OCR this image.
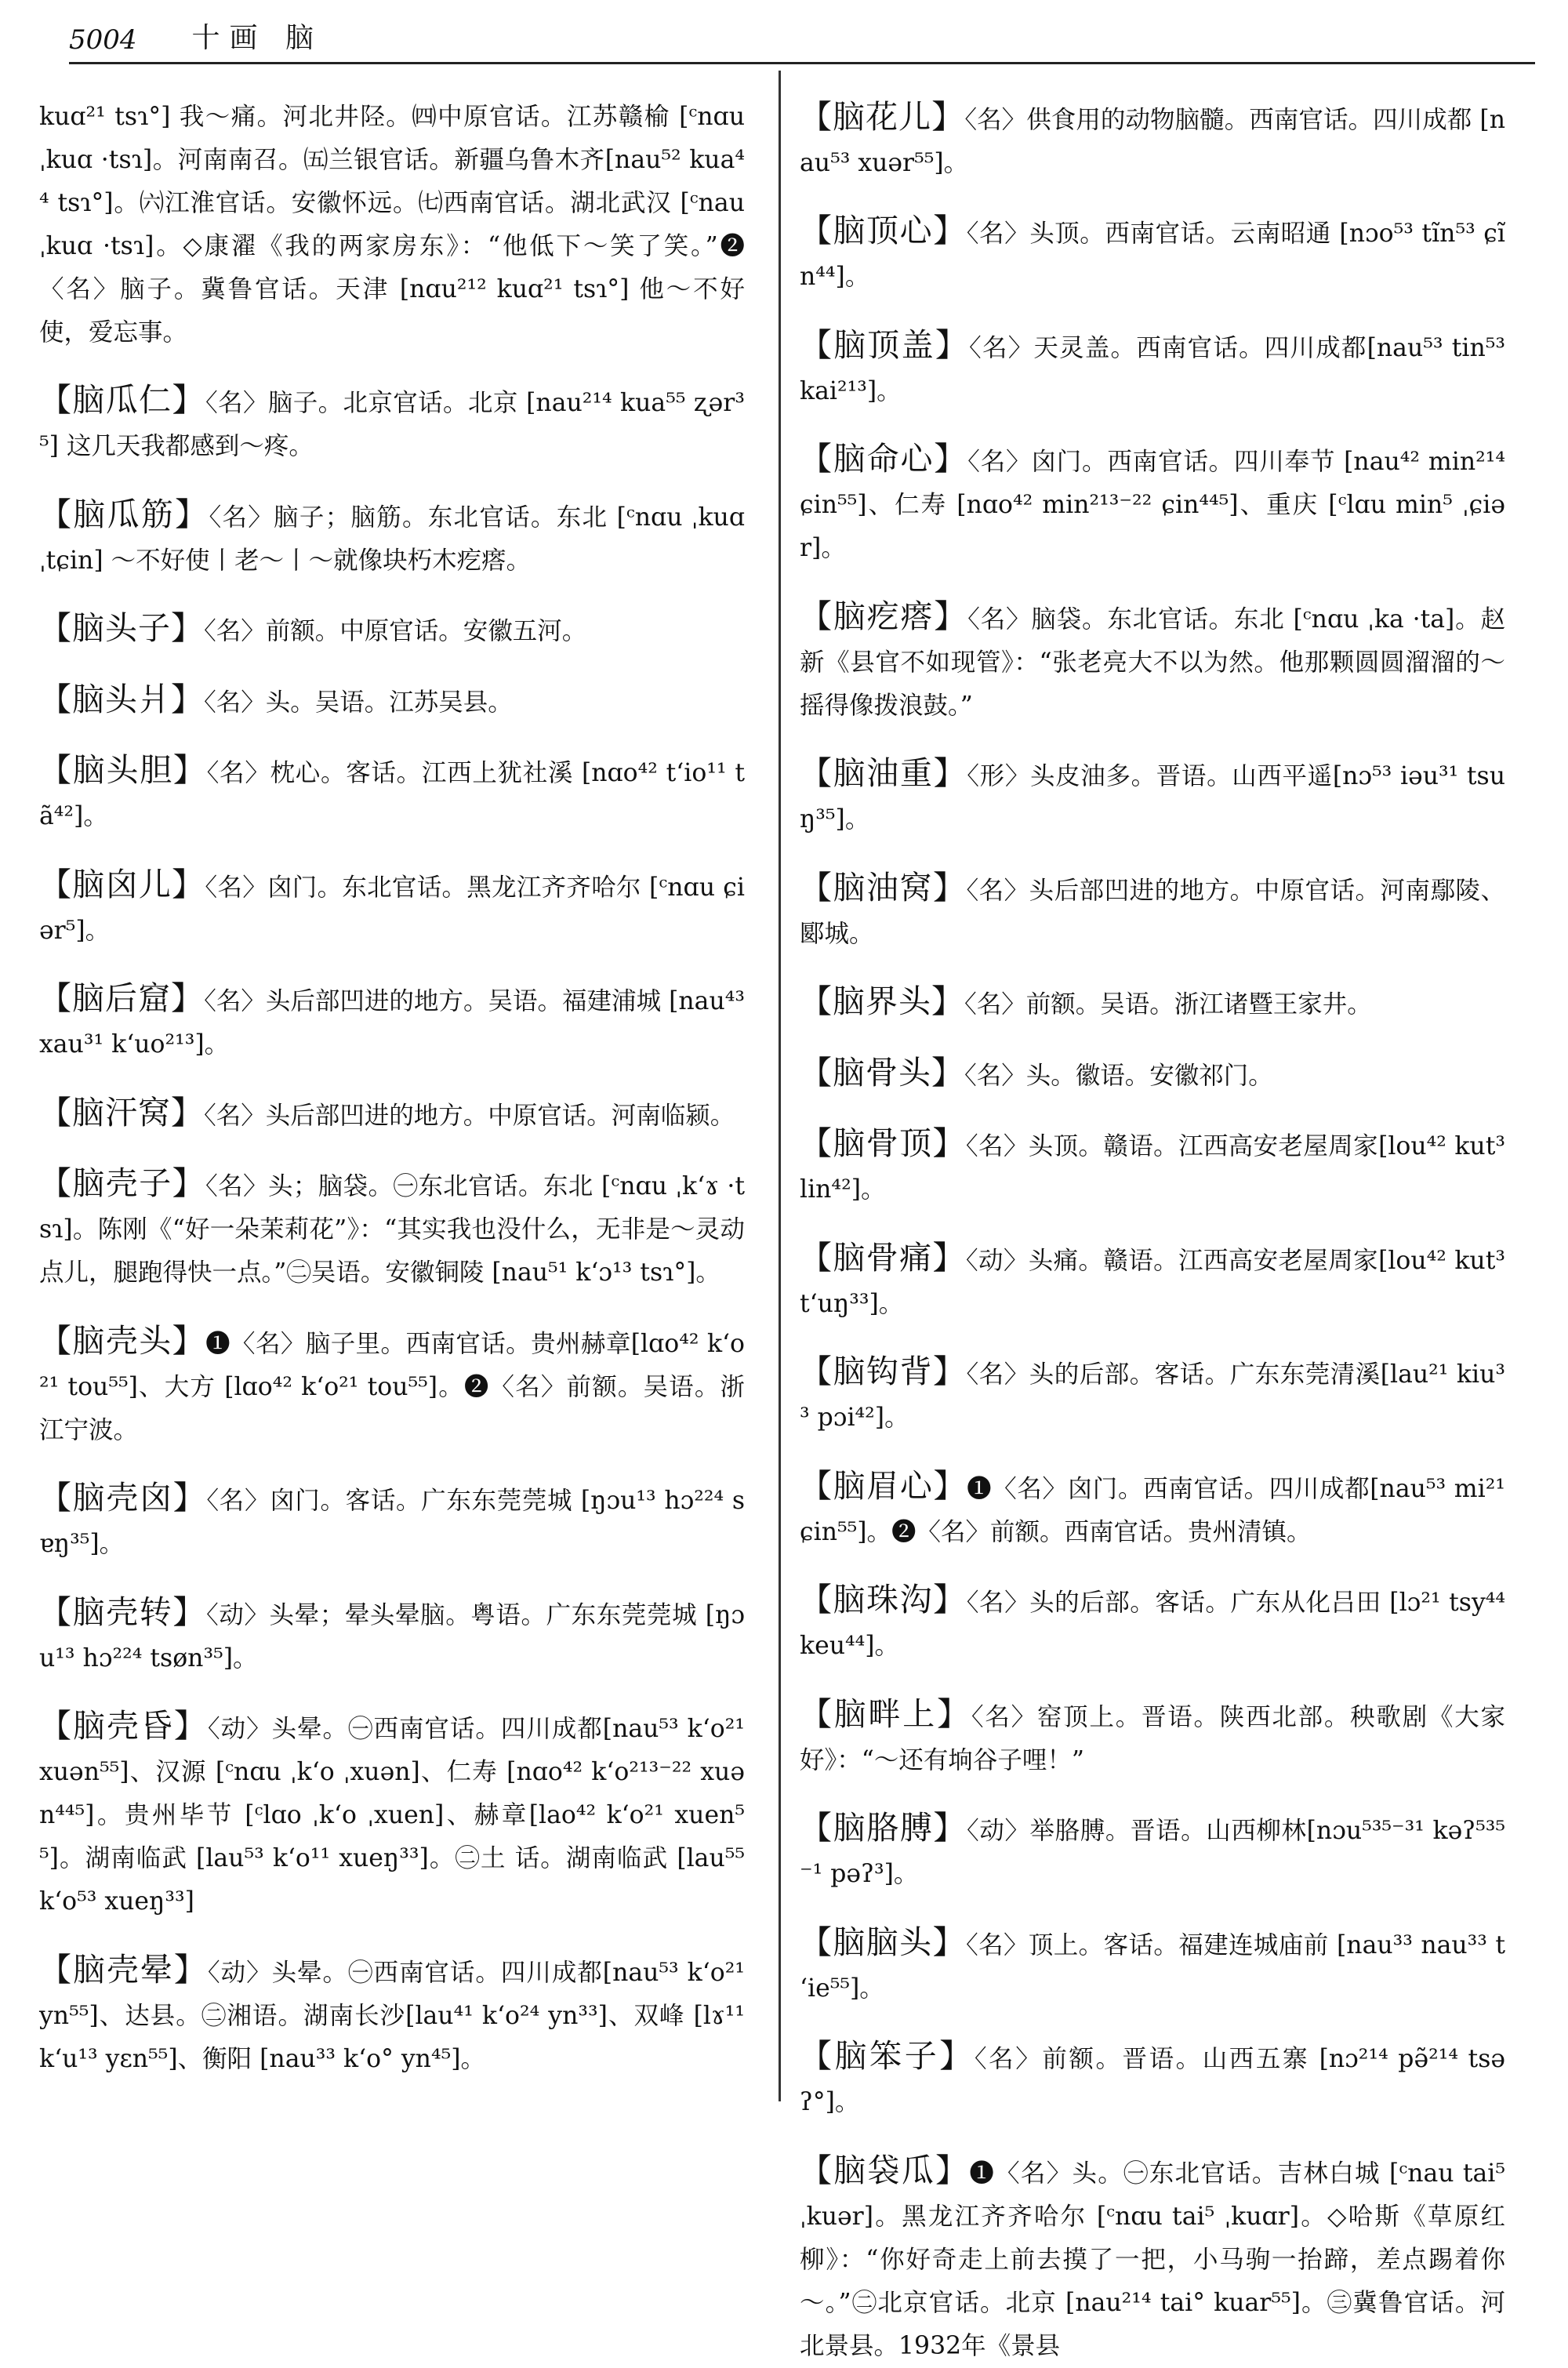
5004 十画 脑

kuɑ²¹ tsɿ°] 我～痛。河北井陉。㈣中原官话。江苏赣榆 [ᶜnɑu ˌkuɑ ·tsɿ]。河南南召。㈤兰银官话。新疆乌鲁木齐[nau⁵² kua⁴⁴ tsɿ°]。㈥江淮官话。安徽怀远。㈦西南官话。湖北武汉 [ᶜnau ˌkuɑ ·tsɿ]。◇康濯《我的两家房东》：“他低下～笑了笑。”❷〈名〉脑子。冀鲁官话。天津 [nɑu²¹² kuɑ²¹ tsɿ°] 他～不好使，爱忘事。

【脑瓜仁】〈名〉脑子。北京官话。北京 [nau²¹⁴ kua⁵⁵ ʐər³⁵] 这几天我都感到～疼。

【脑瓜筋】〈名〉脑子；脑筋。东北官话。东北 [ᶜnɑu ˌkuɑ ˌtɕin] ～不好使丨老～丨～就像块朽木疙瘩。

【脑头子】〈名〉前额。中原官话。安徽五河。

【脑头爿】〈名〉头。吴语。江苏吴县。

【脑头胆】〈名〉枕心。客话。江西上犹社溪 [nɑo⁴² tʻio¹¹ tã⁴²]。

【脑囟儿】〈名〉囟门。东北官话。黑龙江齐齐哈尔 [ᶜnɑu ɕiər⁵]。

【脑后窟】〈名〉头后部凹进的地方。吴语。福建浦城 [nau⁴³ xau³¹ kʻuo²¹³]。

【脑汗窝】〈名〉头后部凹进的地方。中原官话。河南临颍。

【脑壳子】〈名〉头；脑袋。㊀东北官话。东北 [ᶜnɑu ˌkʻɤ ·tsɿ]。陈刚《“好一朵茉莉花”》：“其实我也没什么，无非是～灵动点儿，腿跑得快一点。”㊁吴语。安徽铜陵 [nau⁵¹ kʻɔ¹³ tsɿ°]。

【脑壳头】❶〈名〉脑子里。西南官话。贵州赫章[lɑo⁴² kʻo²¹ tou⁵⁵]、大方 [lɑo⁴² kʻo²¹ tou⁵⁵]。❷〈名〉前额。吴语。浙江宁波。

【脑壳囟】〈名〉囟门。客话。广东东莞莞城 [ŋɔu¹³ hɔ²²⁴ sɐŋ³⁵]。

【脑壳转】〈动〉头晕；晕头晕脑。粤语。广东东莞莞城 [ŋɔu¹³ hɔ²²⁴ tsøn³⁵]。

【脑壳昏】〈动〉头晕。㊀西南官话。四川成都[nau⁵³ kʻo²¹ xuən⁵⁵]、汉源 [ᶜnɑu ˌkʻo ˌxuən]、仁寿 [nɑo⁴² kʻo²¹³⁻²² xuən⁴⁴⁵]。贵州毕节 [ᶜlɑo ˌkʻo ˌxuen]、赫章[lao⁴² kʻo²¹ xuen⁵⁵]。湖南临武 [lau⁵³ kʻo¹¹ xueŋ³³]。㊁土 话。湖南临武 [lau⁵⁵ kʻo⁵³ xueŋ³³]

【脑壳晕】〈动〉头晕。㊀西南官话。四川成都[nau⁵³ kʻo²¹ yn⁵⁵]、达县。㊁湘语。湖南长沙[lau⁴¹ kʻo²⁴ yn³³]、双峰 [lɤ¹¹ kʻu¹³ yɛn⁵⁵]、衡阳 [nau³³ kʻo° yn⁴⁵]。

【脑花儿】〈名〉供食用的动物脑髓。西南官话。四川成都 [nau⁵³ xuər⁵⁵]。

【脑顶心】〈名〉头顶。西南官话。云南昭通 [nɔo⁵³ tĩn⁵³ ɕĩn⁴⁴]。

【脑顶盖】〈名〉天灵盖。西南官话。四川成都[nau⁵³ tin⁵³ kai²¹³]。

【脑命心】〈名〉囟门。西南官话。四川奉节 [nau⁴² min²¹⁴ ɕin⁵⁵]、仁寿 [nɑo⁴² min²¹³⁻²² ɕin⁴⁴⁵]、重庆 [ᶜlɑu min⁵ ˌɕiər]。

【脑疙瘩】〈名〉脑袋。东北官话。东北 [ᶜnɑu ˌka ·ta]。赵新《县官不如现管》：“张老亮大不以为然。他那颗圆圆溜溜的～摇得像拨浪鼓。”

【脑油重】〈形〉头皮油多。晋语。山西平遥[nɔ⁵³ iəu³¹ tsuŋ³⁵]。

【脑油窝】〈名〉头后部凹进的地方。中原官话。河南鄢陵、郾城。

【脑界头】〈名〉前额。吴语。浙江诸暨王家井。

【脑骨头】〈名〉头。徽语。安徽祁门。

【脑骨顶】〈名〉头顶。赣语。江西高安老屋周家[lou⁴² kut³ lin⁴²]。

【脑骨痛】〈动〉头痛。赣语。江西高安老屋周家[lou⁴² kut³ tʻuŋ³³]。

【脑钩背】〈名〉头的后部。客话。广东东莞清溪[lau²¹ kiu³³ pɔi⁴²]。

【脑眉心】❶〈名〉囟门。西南官话。四川成都[nau⁵³ mi²¹ ɕin⁵⁵]。❷〈名〉前额。西南官话。贵州清镇。

【脑珠沟】〈名〉头的后部。客话。广东从化吕田 [lɔ²¹ tsy⁴⁴ keu⁴⁴]。

【脑畔上】〈名〉窑顶上。晋语。陕西北部。秧歌剧《大家好》：“～还有垧谷子哩！”

【脑胳膊】〈动〉举胳膊。晋语。山西柳林[nɔu⁵³⁵⁻³¹ kəʔ⁵³⁵⁻¹ pəʔ³]。

【脑脑头】〈名〉顶上。客话。福建连城庙前 [nau³³ nau³³ tʻie⁵⁵]。

【脑笨子】〈名〉前额。晋语。山西五寨 [nɔ²¹⁴ pə̃²¹⁴ tsəʔ°]。

【脑袋瓜】❶〈名〉头。㊀东北官话。吉林白城 [ᶜnau tai⁵ ˌkuər]。黑龙江齐齐哈尔 [ᶜnɑu tai⁵ ˌkuɑr]。◇哈斯《草原红柳》：“你好奇走上前去摸了一把，小马驹一抬蹄，差点踢着你～。”㊁北京官话。北京 [nau²¹⁴ tai° kuar⁵⁵]。㊂冀鲁官话。河北景县。1932年《景县
